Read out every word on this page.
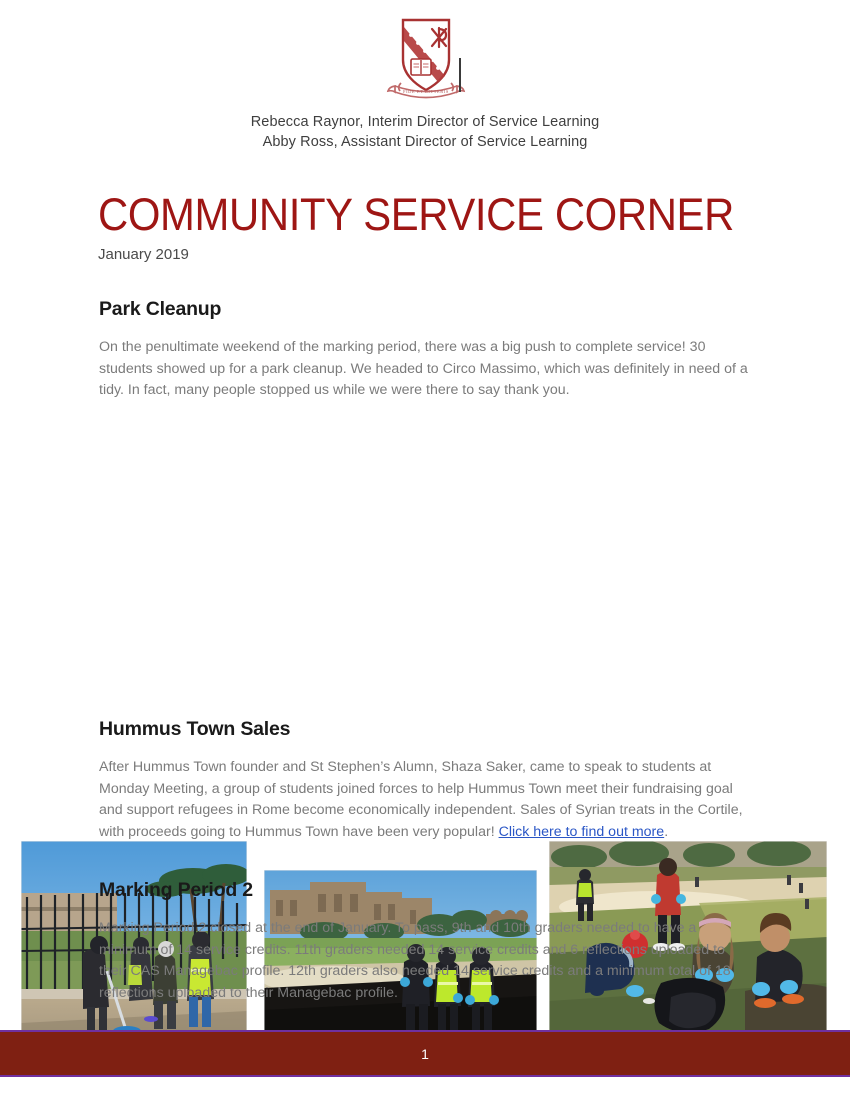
FIDE ET LITTERIS
Rebecca Raynor, Interim Director of Service Learning
Abby Ross, Assistant Director of Service Learning
COMMUNITY SERVICE CORNER
January 2019
Park Cleanup

On the penultimate weekend of the marking period, there was a big push to complete service! 30 students showed up for a park cleanup. We headed to Circo Massimo, which was definitely in need of a tidy. In fact, many people stopped us while we were there to say thank you.

Hummus Town Sales

After Hummus Town founder and St Stephen’s Alumn, Shaza Saker, came to speak to students at Monday Meeting, a group of students joined forces to help Hummus Town meet their fundraising goal and support refugees in Rome become economically independent. Sales of Syrian treats in the Cortile, with proceeds going to Hummus Town have been very popular! Click here to find out more.

Marking Period 2

Marking Period 2 closed at the end of January. To pass, 9th and 10th graders needed to have a minimum of 14 service credits. 11th graders needed 14 service credits and 6 reflections uploaded to their CAS Managebac profile. 12th graders also needed 14 service credits and a minimum total of 18 reflections uploaded to their Managebac profile.

1
